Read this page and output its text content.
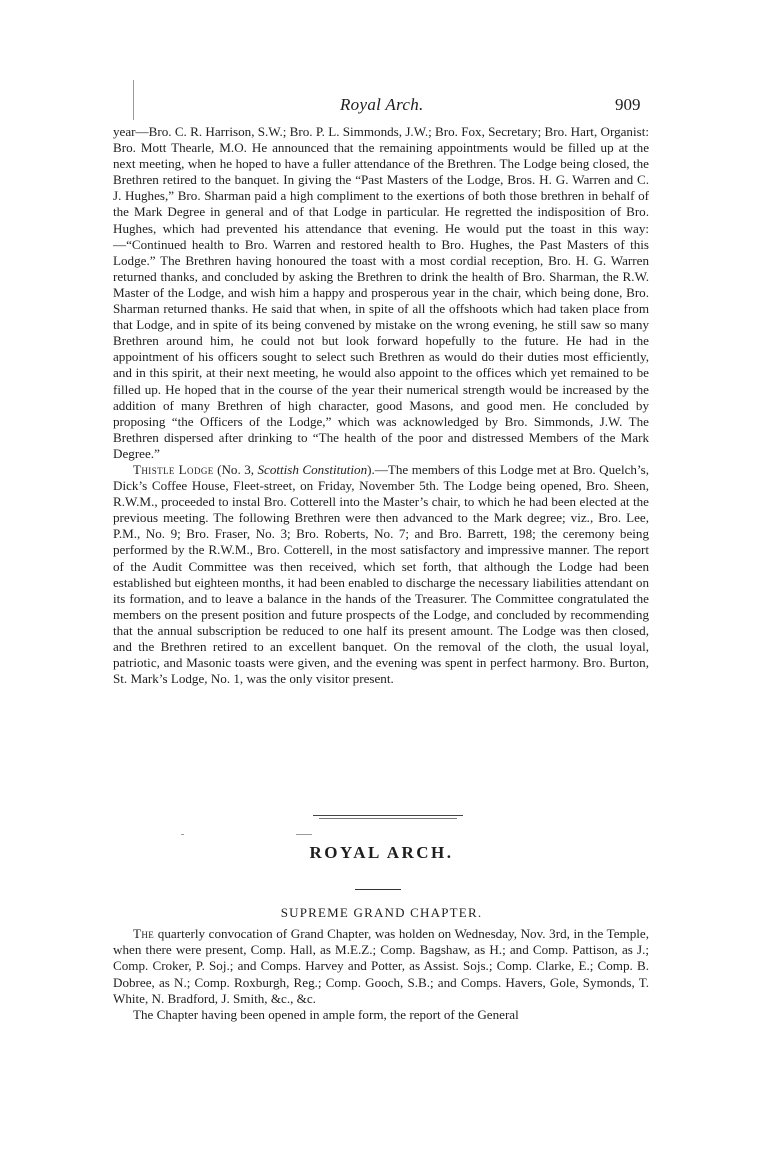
Royal Arch.	909

year—Bro. C. R. Harrison, S.W.; Bro. P. L. Simmonds, J.W.; Bro. Fox, Secretary; Bro. Hart, Organist: Bro. Mott Thearle, M.O. He announced that the remaining appointments would be filled up at the next meeting, when he hoped to have a fuller attendance of the Brethren. The Lodge being closed, the Brethren retired to the banquet. In giving the “Past Masters of the Lodge, Bros. H. G. Warren and C. J. Hughes,” Bro. Sharman paid a high compliment to the exertions of both those brethren in behalf of the Mark Degree in general and of that Lodge in particular. He regretted the indisposition of Bro. Hughes, which had prevented his attendance that evening. He would put the toast in this way:—“Continued health to Bro. Warren and restored health to Bro. Hughes, the Past Masters of this Lodge.” The Brethren having honoured the toast with a most cordial reception, Bro. H. G. Warren returned thanks, and concluded by asking the Brethren to drink the health of Bro. Sharman, the R.W. Master of the Lodge, and wish him a happy and prosperous year in the chair, which being done, Bro. Sharman returned thanks. He said that when, in spite of all the offshoots which had taken place from that Lodge, and in spite of its being convened by mistake on the wrong evening, he still saw so many Brethren around him, he could not but look forward hopefully to the future. He had in the appointment of his officers sought to select such Brethren as would do their duties most efficiently, and in this spirit, at their next meeting, he would also appoint to the offices which yet remained to be filled up. He hoped that in the course of the year their numerical strength would be increased by the addition of many Brethren of high character, good Masons, and good men. He concluded by proposing “the Officers of the Lodge,” which was acknowledged by Bro. Simmonds, J.W. The Brethren dispersed after drinking to “The health of the poor and distressed Members of the Mark Degree.”

Thistle Lodge (No. 3, Scottish Constitution).—The members of this Lodge met at Bro. Quelch’s, Dick’s Coffee House, Fleet-street, on Friday, November 5th. The Lodge being opened, Bro. Sheen, R.W.M., proceeded to instal Bro. Cotterell into the Master’s chair, to which he had been elected at the previous meeting. The following Brethren were then advanced to the Mark degree; viz., Bro. Lee, P.M., No. 9; Bro. Fraser, No. 3; Bro. Roberts, No. 7; and Bro. Barrett, 198; the ceremony being performed by the R.W.M., Bro. Cotterell, in the most satisfactory and impressive manner. The report of the Audit Committee was then received, which set forth, that although the Lodge had been established but eighteen months, it had been enabled to discharge the necessary liabilities attendant on its formation, and to leave a balance in the hands of the Treasurer. The Committee congratulated the members on the present position and future prospects of the Lodge, and concluded by recommending that the annual subscription be reduced to one half its present amount. The Lodge was then closed, and the Brethren retired to an excellent banquet. On the removal of the cloth, the usual loyal, patriotic, and Masonic toasts were given, and the evening was spent in perfect harmony. Bro. Burton, St. Mark’s Lodge, No. 1, was the only visitor present.

ROYAL ARCH.
SUPREME GRAND CHAPTER.

The quarterly convocation of Grand Chapter, was holden on Wednesday, Nov. 3rd, in the Temple, when there were present, Comp. Hall, as M.E.Z.; Comp. Bagshaw, as H.; and Comp. Pattison, as J.; Comp. Croker, P. Soj.; and Comps. Harvey and Potter, as Assist. Sojs.; Comp. Clarke, E.; Comp. B. Dobree, as N.; Comp. Roxburgh, Reg.; Comp. Gooch, S.B.; and Comps. Havers, Gole, Symonds, T. White, N. Bradford, J. Smith, &c., &c.

The Chapter having been opened in ample form, the report of the General
